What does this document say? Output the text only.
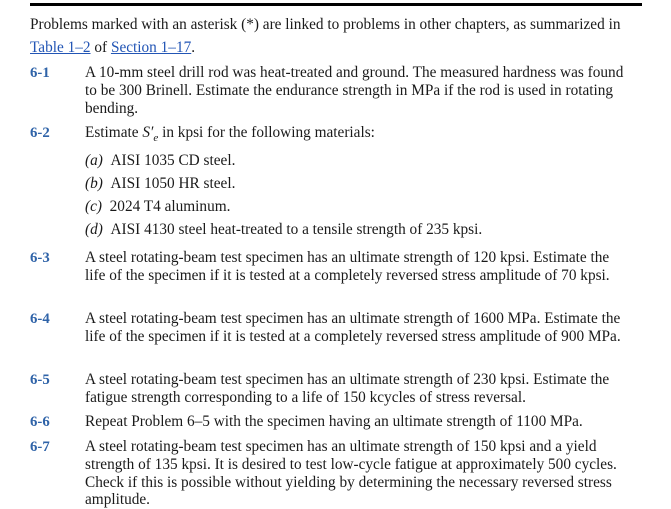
Problems marked with an asterisk (*) are linked to problems in other chapters, as summarized in Table 1–2 of Section 1–17.
6-1 A 10-mm steel drill rod was heat-treated and ground. The measured hardness was found to be 300 Brinell. Estimate the endurance strength in MPa if the rod is used in rotating bending.
6-2 Estimate $S'_e$ in kpsi for the following materials:
(a) AISI 1035 CD steel.
(b) AISI 1050 HR steel.
(c) 2024 T4 aluminum.
(d) AISI 4130 steel heat-treated to a tensile strength of 235 kpsi.
6-3 A steel rotating-beam test specimen has an ultimate strength of 120 kpsi. Estimate the life of the specimen if it is tested at a completely reversed stress amplitude of 70 kpsi.
6-4 A steel rotating-beam test specimen has an ultimate strength of 1600 MPa. Estimate the life of the specimen if it is tested at a completely reversed stress amplitude of 900 MPa.
6-5 A steel rotating-beam test specimen has an ultimate strength of 230 kpsi. Estimate the fatigue strength corresponding to a life of 150 kcycles of stress reversal.
6-6 Repeat Problem 6–5 with the specimen having an ultimate strength of 1100 MPa.
6-7 A steel rotating-beam test specimen has an ultimate strength of 150 kpsi and a yield strength of 135 kpsi. It is desired to test low-cycle fatigue at approximately 500 cycles. Check if this is possible without yielding by determining the necessary reversed stress amplitude.
